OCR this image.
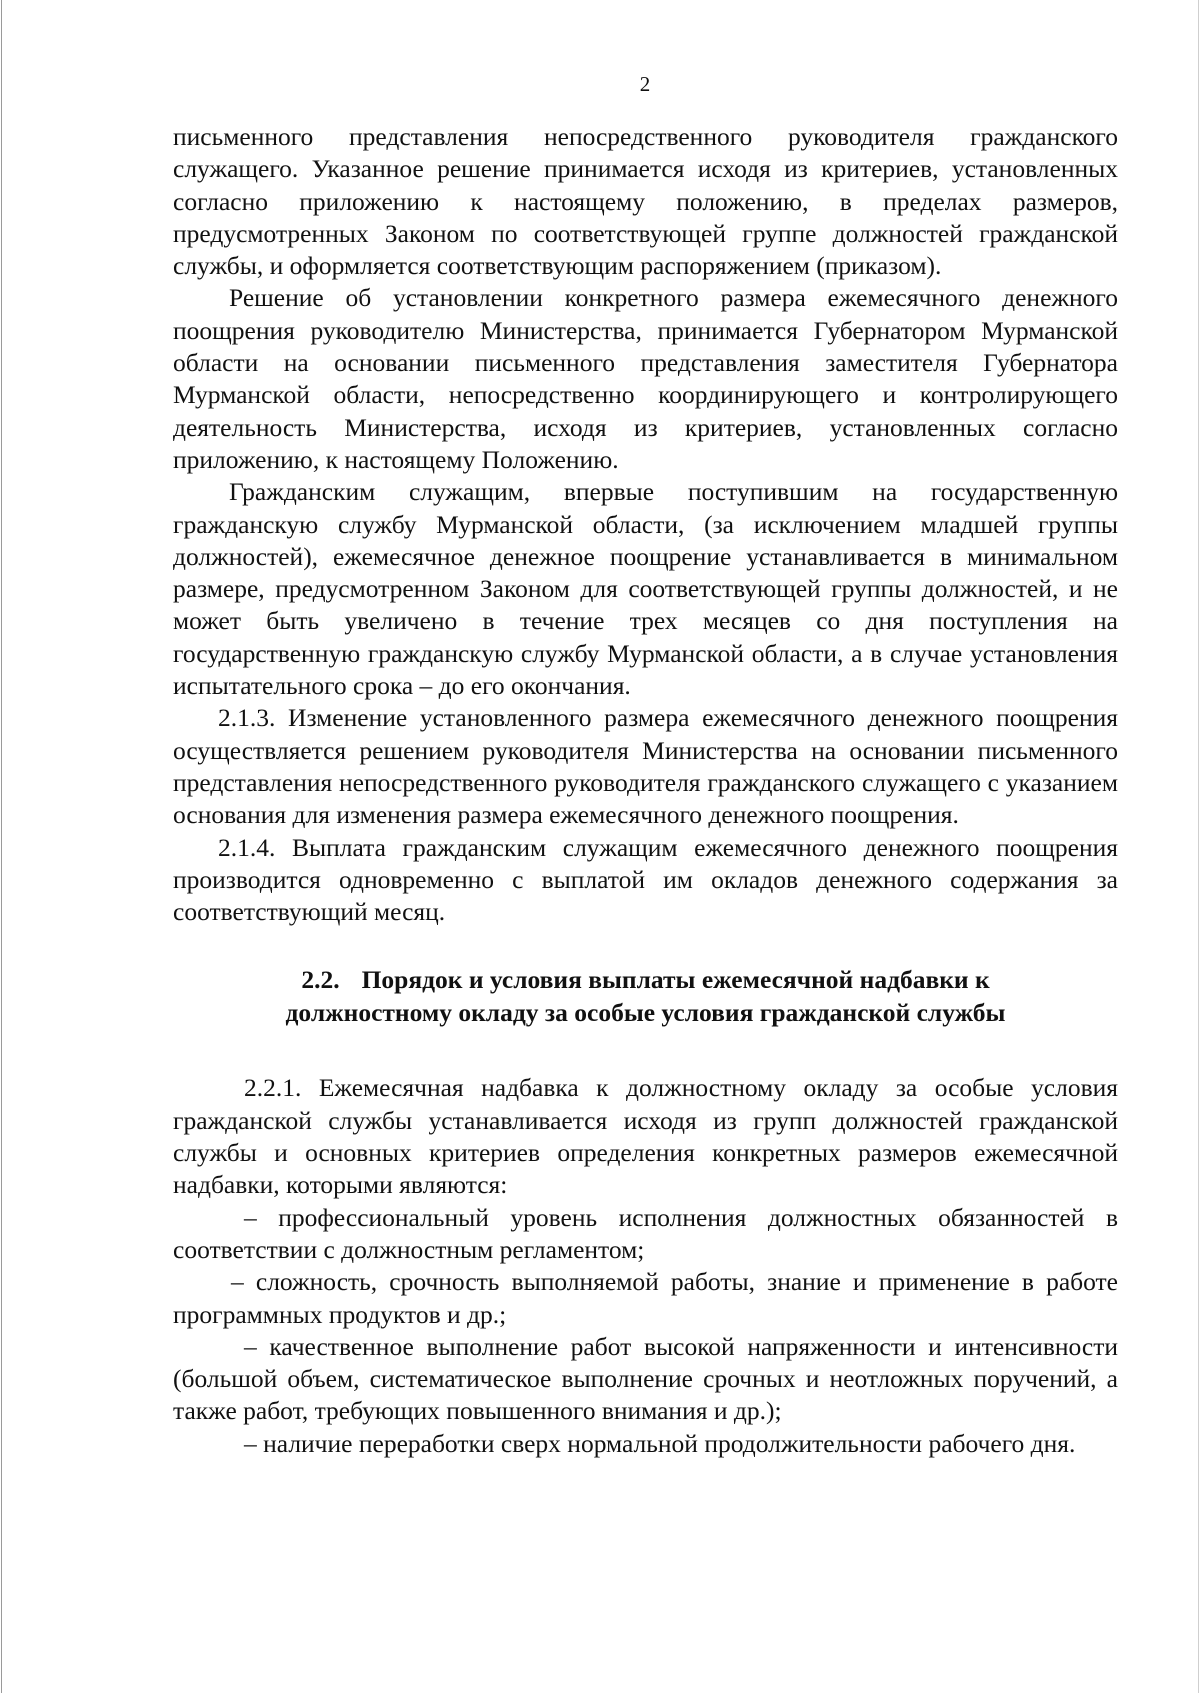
2

письменного представления непосредственного руководителя гражданского служащего. Указанное решение принимается исходя из критериев, установленных согласно приложению к настоящему положению, в пределах размеров, предусмотренных Законом по соответствующей группе должностей гражданской службы, и оформляется соответствующим распоряжением (приказом).

Решение об установлении конкретного размера ежемесячного денежного поощрения руководителю Министерства, принимается Губернатором Мурманской области на основании письменного представления заместителя Губернатора Мурманской области, непосредственно координирующего и контролирующего деятельность Министерства, исходя из критериев, установленных согласно приложению, к настоящему Положению.

Гражданским служащим, впервые поступившим на государственную гражданскую службу Мурманской области, (за исключением младшей группы должностей), ежемесячное денежное поощрение устанавливается в минимальном размере, предусмотренном Законом для соответствующей группы должностей, и не может быть увеличено в течение трех месяцев со дня поступления на государственную гражданскую службу Мурманской области, а в случае установления испытательного срока – до его окончания.

2.1.3. Изменение установленного размера ежемесячного денежного поощрения осуществляется решением руководителя Министерства на основании письменного представления непосредственного руководителя гражданского служащего с указанием основания для изменения размера ежемесячного денежного поощрения.

2.1.4. Выплата гражданским служащим ежемесячного денежного поощрения производится одновременно с выплатой им окладов денежного содержания за соответствующий месяц.

2.2. Порядок и условия выплаты ежемесячной надбавки к
должностному окладу за особые условия гражданской службы

2.2.1. Ежемесячная надбавка к должностному окладу за особые условия гражданской службы устанавливается исходя из групп должностей гражданской службы и основных критериев определения конкретных размеров ежемесячной надбавки, которыми являются:

– профессиональный уровень исполнения должностных обязанностей в соответствии с должностным регламентом;

– сложность, срочность выполняемой работы, знание и применение в работе программных продуктов и др.;

– качественное выполнение работ высокой напряженности и интенсивности (большой объем, систематическое выполнение срочных и неотложных поручений, а также работ, требующих повышенного внимания и др.);

– наличие переработки сверх нормальной продолжительности рабочего дня.
